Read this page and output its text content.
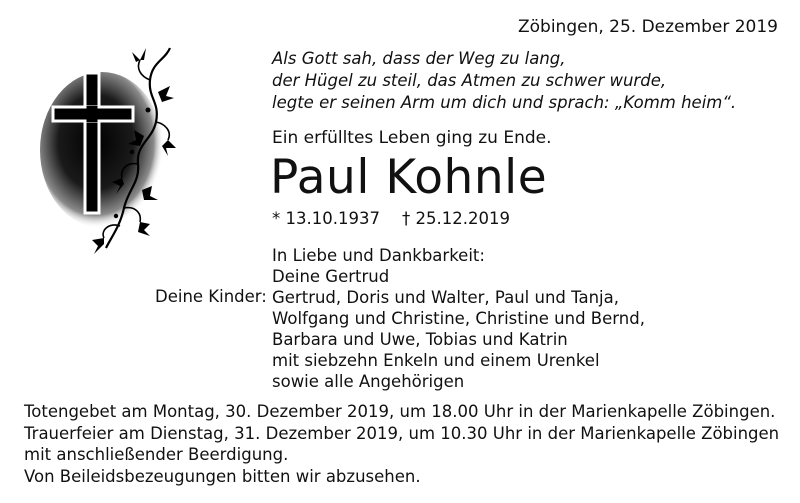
Zöbingen, 25. Dezember 2019
Als Gott sah, dass der Weg zu lang,
der Hügel zu steil, das Atmen zu schwer wurde,
legte er seinen Arm um dich und sprach: „Komm heim“.
Ein erfülltes Leben ging zu Ende.
Paul Kohnle
* 13.10.1937 † 25.12.2019
Deine Kinder:
In Liebe und Dankbarkeit:
Deine Gertrud
Gertrud, Doris und Walter, Paul und Tanja,
Wolfgang und Christine, Christine und Bernd,
Barbara und Uwe, Tobias und Katrin
mit siebzehn Enkeln und einem Urenkel
sowie alle Angehörigen
Totengebet am Montag, 30. Dezember 2019, um 18.00 Uhr in der Marienkapelle Zöbingen.
Trauerfeier am Dienstag, 31. Dezember 2019, um 10.30 Uhr in der Marienkapelle Zöbingen
mit anschließender Beerdigung.
Von Beileidsbezeugungen bitten wir abzusehen.
